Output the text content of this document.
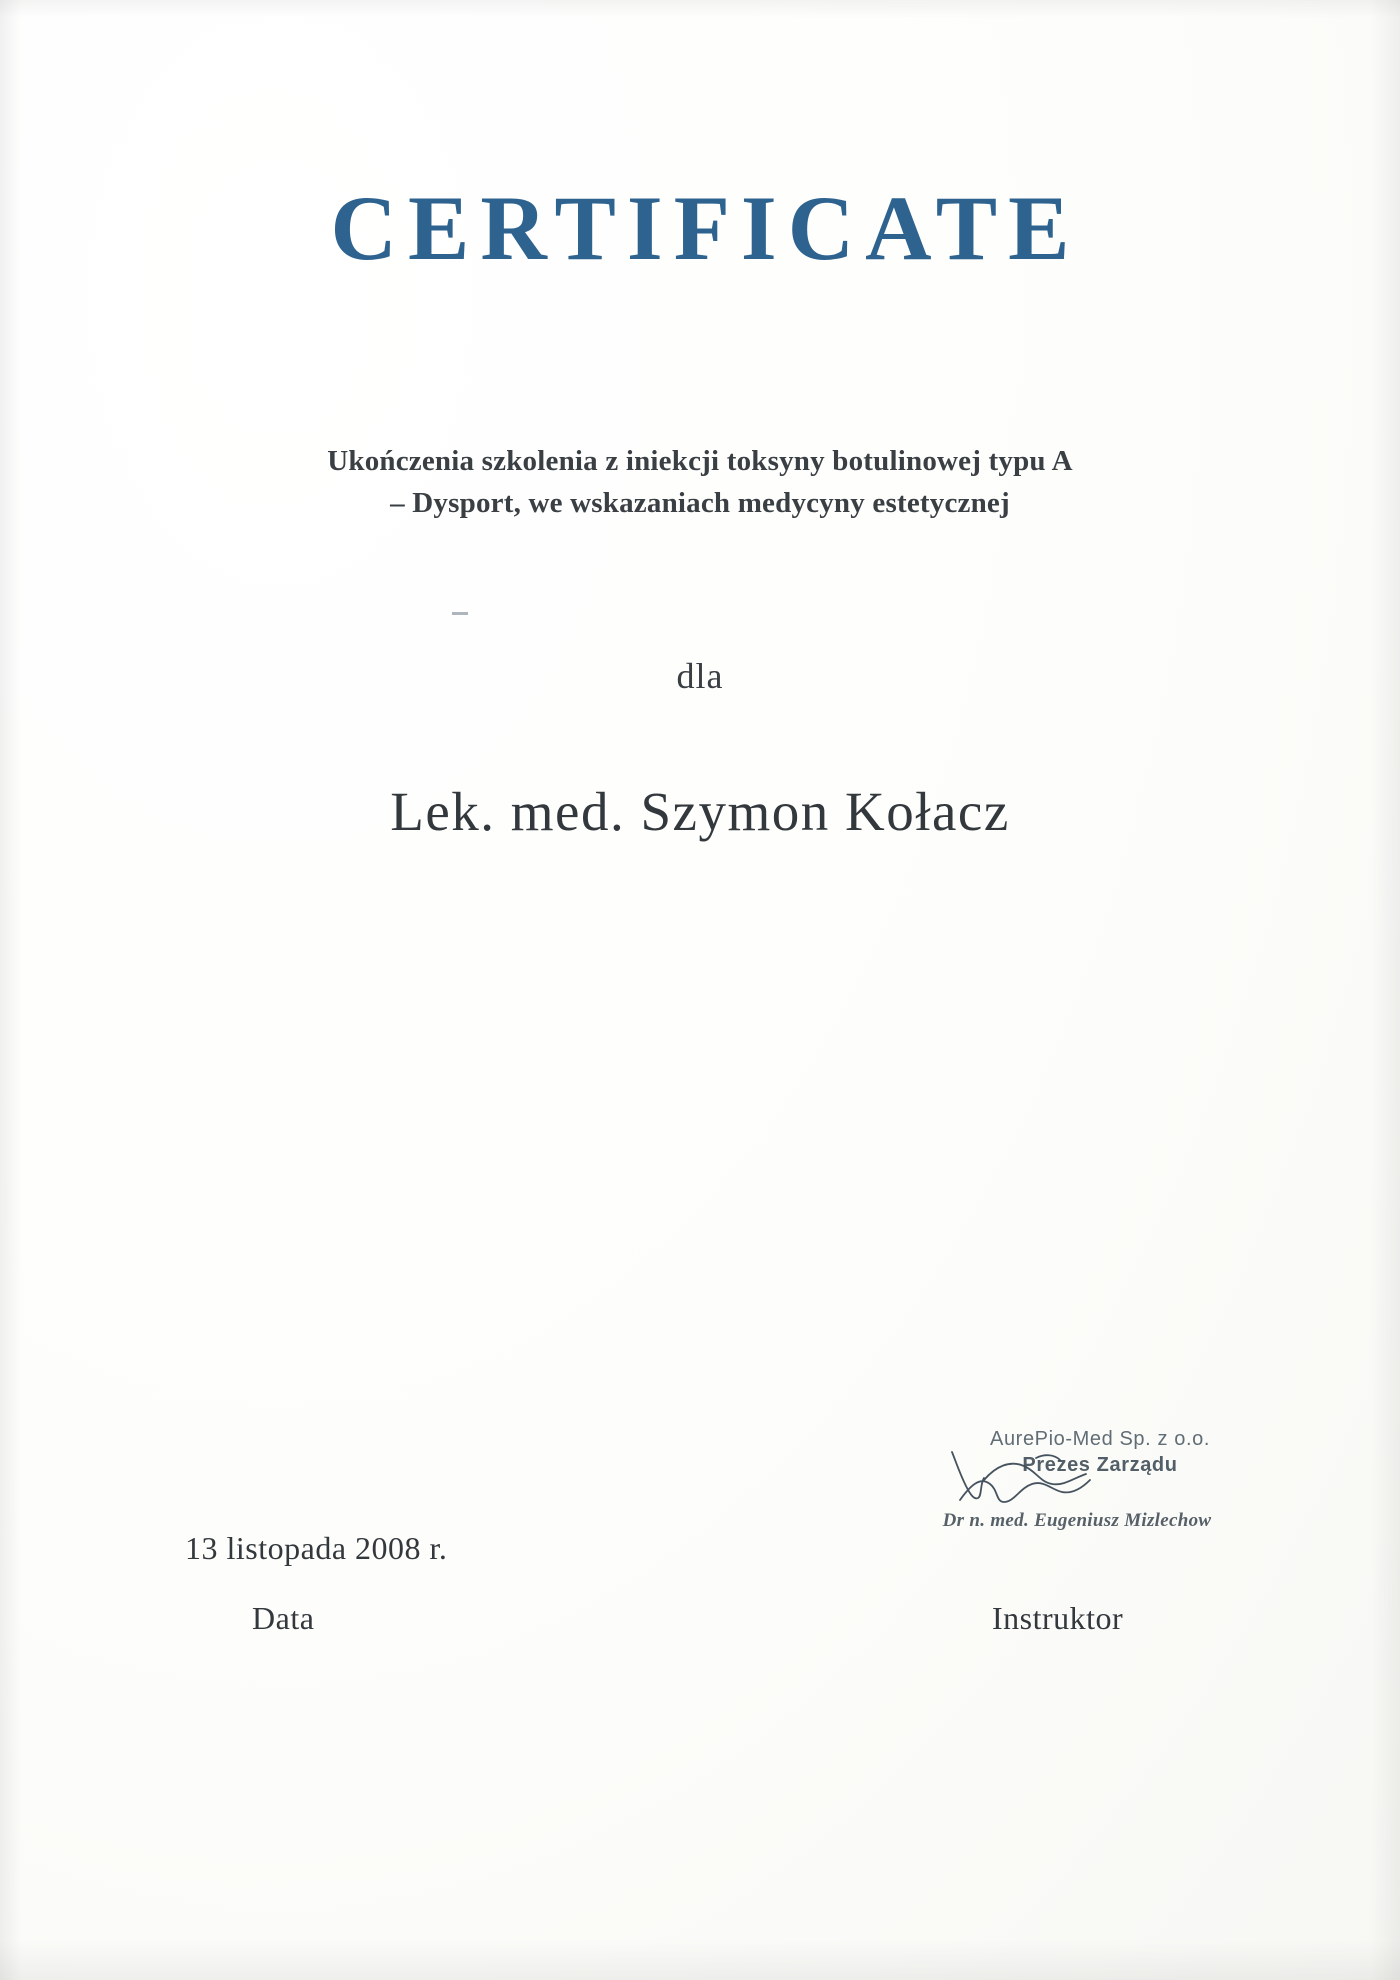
CERTIFICATE
Ukończenia szkolenia z iniekcji toksyny botulinowej typu A
– Dysport, we wskazaniach medycyny estetycznej
dla
Lek. med. Szymon Kołacz
13 listopada 2008 r.
Data	Instruktor
AurePio-Med Sp. z o.o.
Prezes Zarządu
Dr n. med. Eugeniusz Mizlechow
